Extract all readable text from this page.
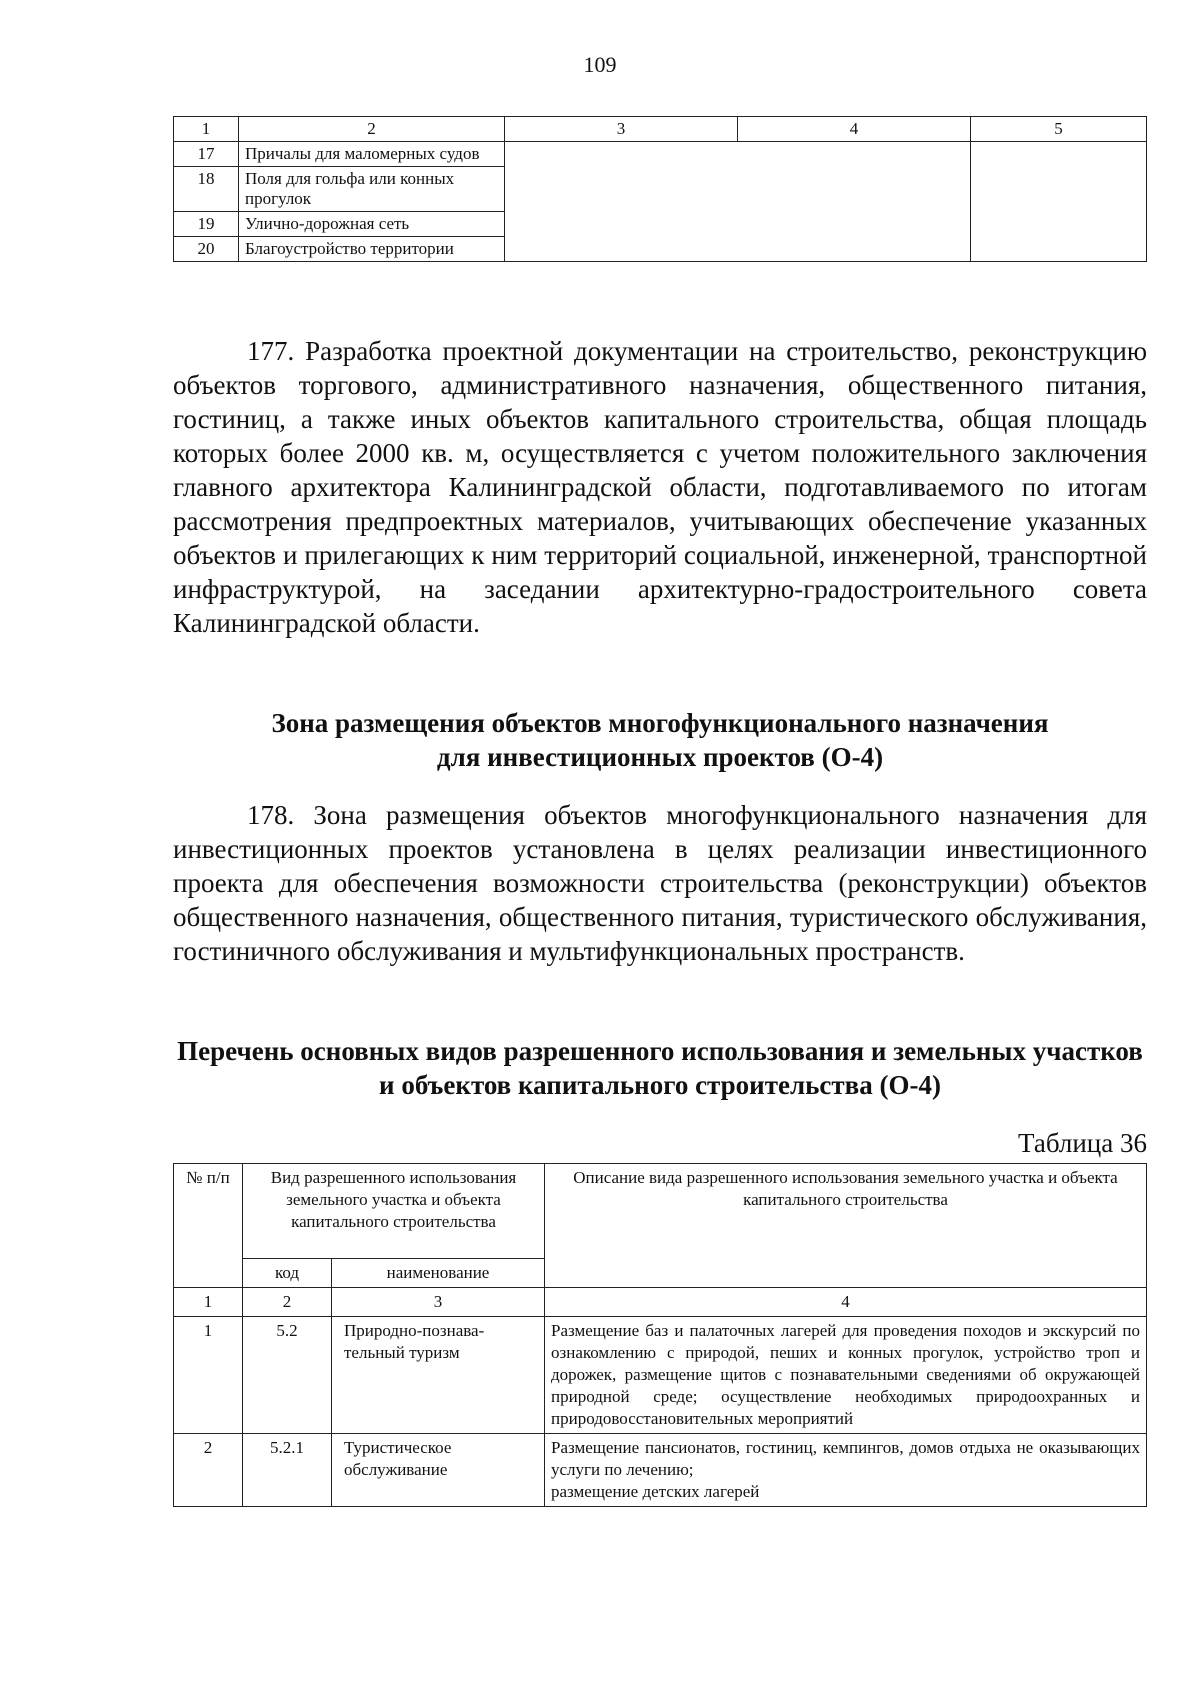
109
1	2	3	4	5
17	Причалы для маломерных судов			
18	Поля для гольфа или конных прогулок			
19	Улично-дорожная сеть			
20	Благоустройство территории			

177. Разработка проектной документации на строительство, реконструкцию объектов торгового, административного назначения, общественного питания, гостиниц, а также иных объектов капитального строительства, общая площадь которых более 2000 кв. м, осуществляется с учетом положительного заключения главного архитектора Калининградской области, подготавливаемого по итогам рассмотрения предпроектных материалов, учитывающих обеспечение указанных объектов и прилегающих к ним территорий социальной, инженерной, транспортной инфраструктурой, на заседании архитектурно-градостроительного совета Калининградской области.

Зона размещения объектов многофункционального назначения
для инвестиционных проектов (О-4)

178. Зона размещения объектов многофункционального назначения для инвестиционных проектов установлена в целях реализации инвестиционного проекта для обеспечения возможности строительства (реконструкции) объектов общественного назначения, общественного питания, туристического обслуживания, гостиничного обслуживания и мультифункциональных пространств.

Перечень основных видов разрешенного использования и земельных участков
и объектов капитального строительства (О-4)
Таблица 36
№ п/п	Вид разрешенного использования земельного участка и объекта капитального строительства		Описание вида разрешенного использования земельного участка и объекта капитального строительства
	код	наименование	
1	2	3	4
1	5.2	Природно-познава-тельный туризм	Размещение баз и палаточных лагерей для проведения походов и экскурсий по ознакомлению с природой, пеших и конных прогулок, устройство троп и дорожек, размещение щитов с познавательными сведениями об окружающей природной среде; осуществление необходимых природоохранных и природовосстановительных мероприятий
2	5.2.1	Туристическое обслуживание	Размещение пансионатов, гостиниц, кемпингов, домов отдыха не оказывающих услуги по лечению;
размещение детских лагерей
